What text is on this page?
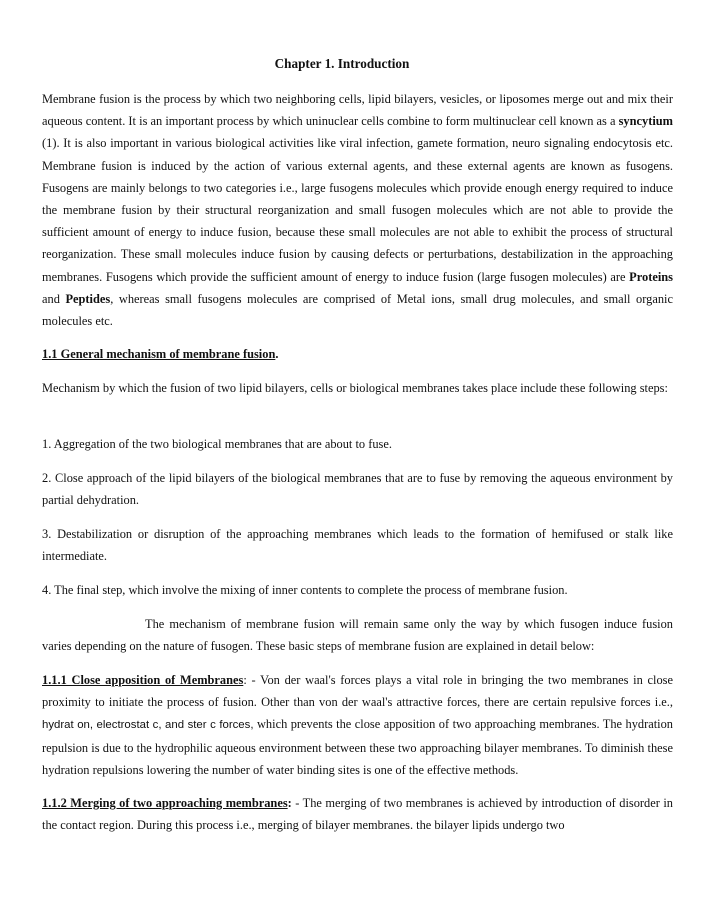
Chapter 1. Introduction

Membrane fusion is the process by which two neighboring cells, lipid bilayers, vesicles, or liposomes merge out and mix their aqueous content. It is an important process by which uninuclear cells combine to form multinuclear cell known as a syncytium (1). It is also important in various biological activities like viral infection, gamete formation, neuro signaling endocytosis etc. Membrane fusion is induced by the action of various external agents, and these external agents are known as fusogens. Fusogens are mainly belongs to two categories i.e., large fusogens molecules which provide enough energy required to induce the membrane fusion by their structural reorganization and small fusogen molecules which are not able to provide the sufficient amount of energy to induce fusion, because these small molecules are not able to exhibit the process of structural reorganization. These small molecules induce fusion by causing defects or perturbations, destabilization in the approaching membranes. Fusogens which provide the sufficient amount of energy to induce fusion (large fusogen molecules) are Proteins and Peptides, whereas small fusogens molecules are comprised of Metal ions, small drug molecules, and small organic molecules etc.

1.1 General mechanism of membrane fusion.

Mechanism by which the fusion of two lipid bilayers, cells or biological membranes takes place include these following steps:

1. Aggregation of the two biological membranes that are about to fuse.

2. Close approach of the lipid bilayers of the biological membranes that are to fuse by removing the aqueous environment by partial dehydration.

3. Destabilization or disruption of the approaching membranes which leads to the formation of hemifused or stalk like intermediate.

4. The final step, which involve the mixing of inner contents to complete the process of membrane fusion.

The mechanism of membrane fusion will remain same only the way by which fusogen induce fusion varies depending on the nature of fusogen. These basic steps of membrane fusion are explained in detail below:

1.1.1 Close apposition of Membranes: - Von der waal's forces plays a vital role in bringing the two membranes in close proximity to initiate the process of fusion. Other than von der waal's attractive forces, there are certain repulsive forces i.e., hydrat on, electrostat c, and ster c forces, which prevents the close apposition of two approaching membranes. The hydration repulsion is due to the hydrophilic aqueous environment between these two approaching bilayer membranes. To diminish these hydration repulsions lowering the number of water binding sites is one of the effective methods.

1.1.2 Merging of two approaching membranes: - The merging of two membranes is achieved by introduction of disorder in the contact region. During this process i.e., merging of bilayer membranes. the bilayer lipids undergo two
